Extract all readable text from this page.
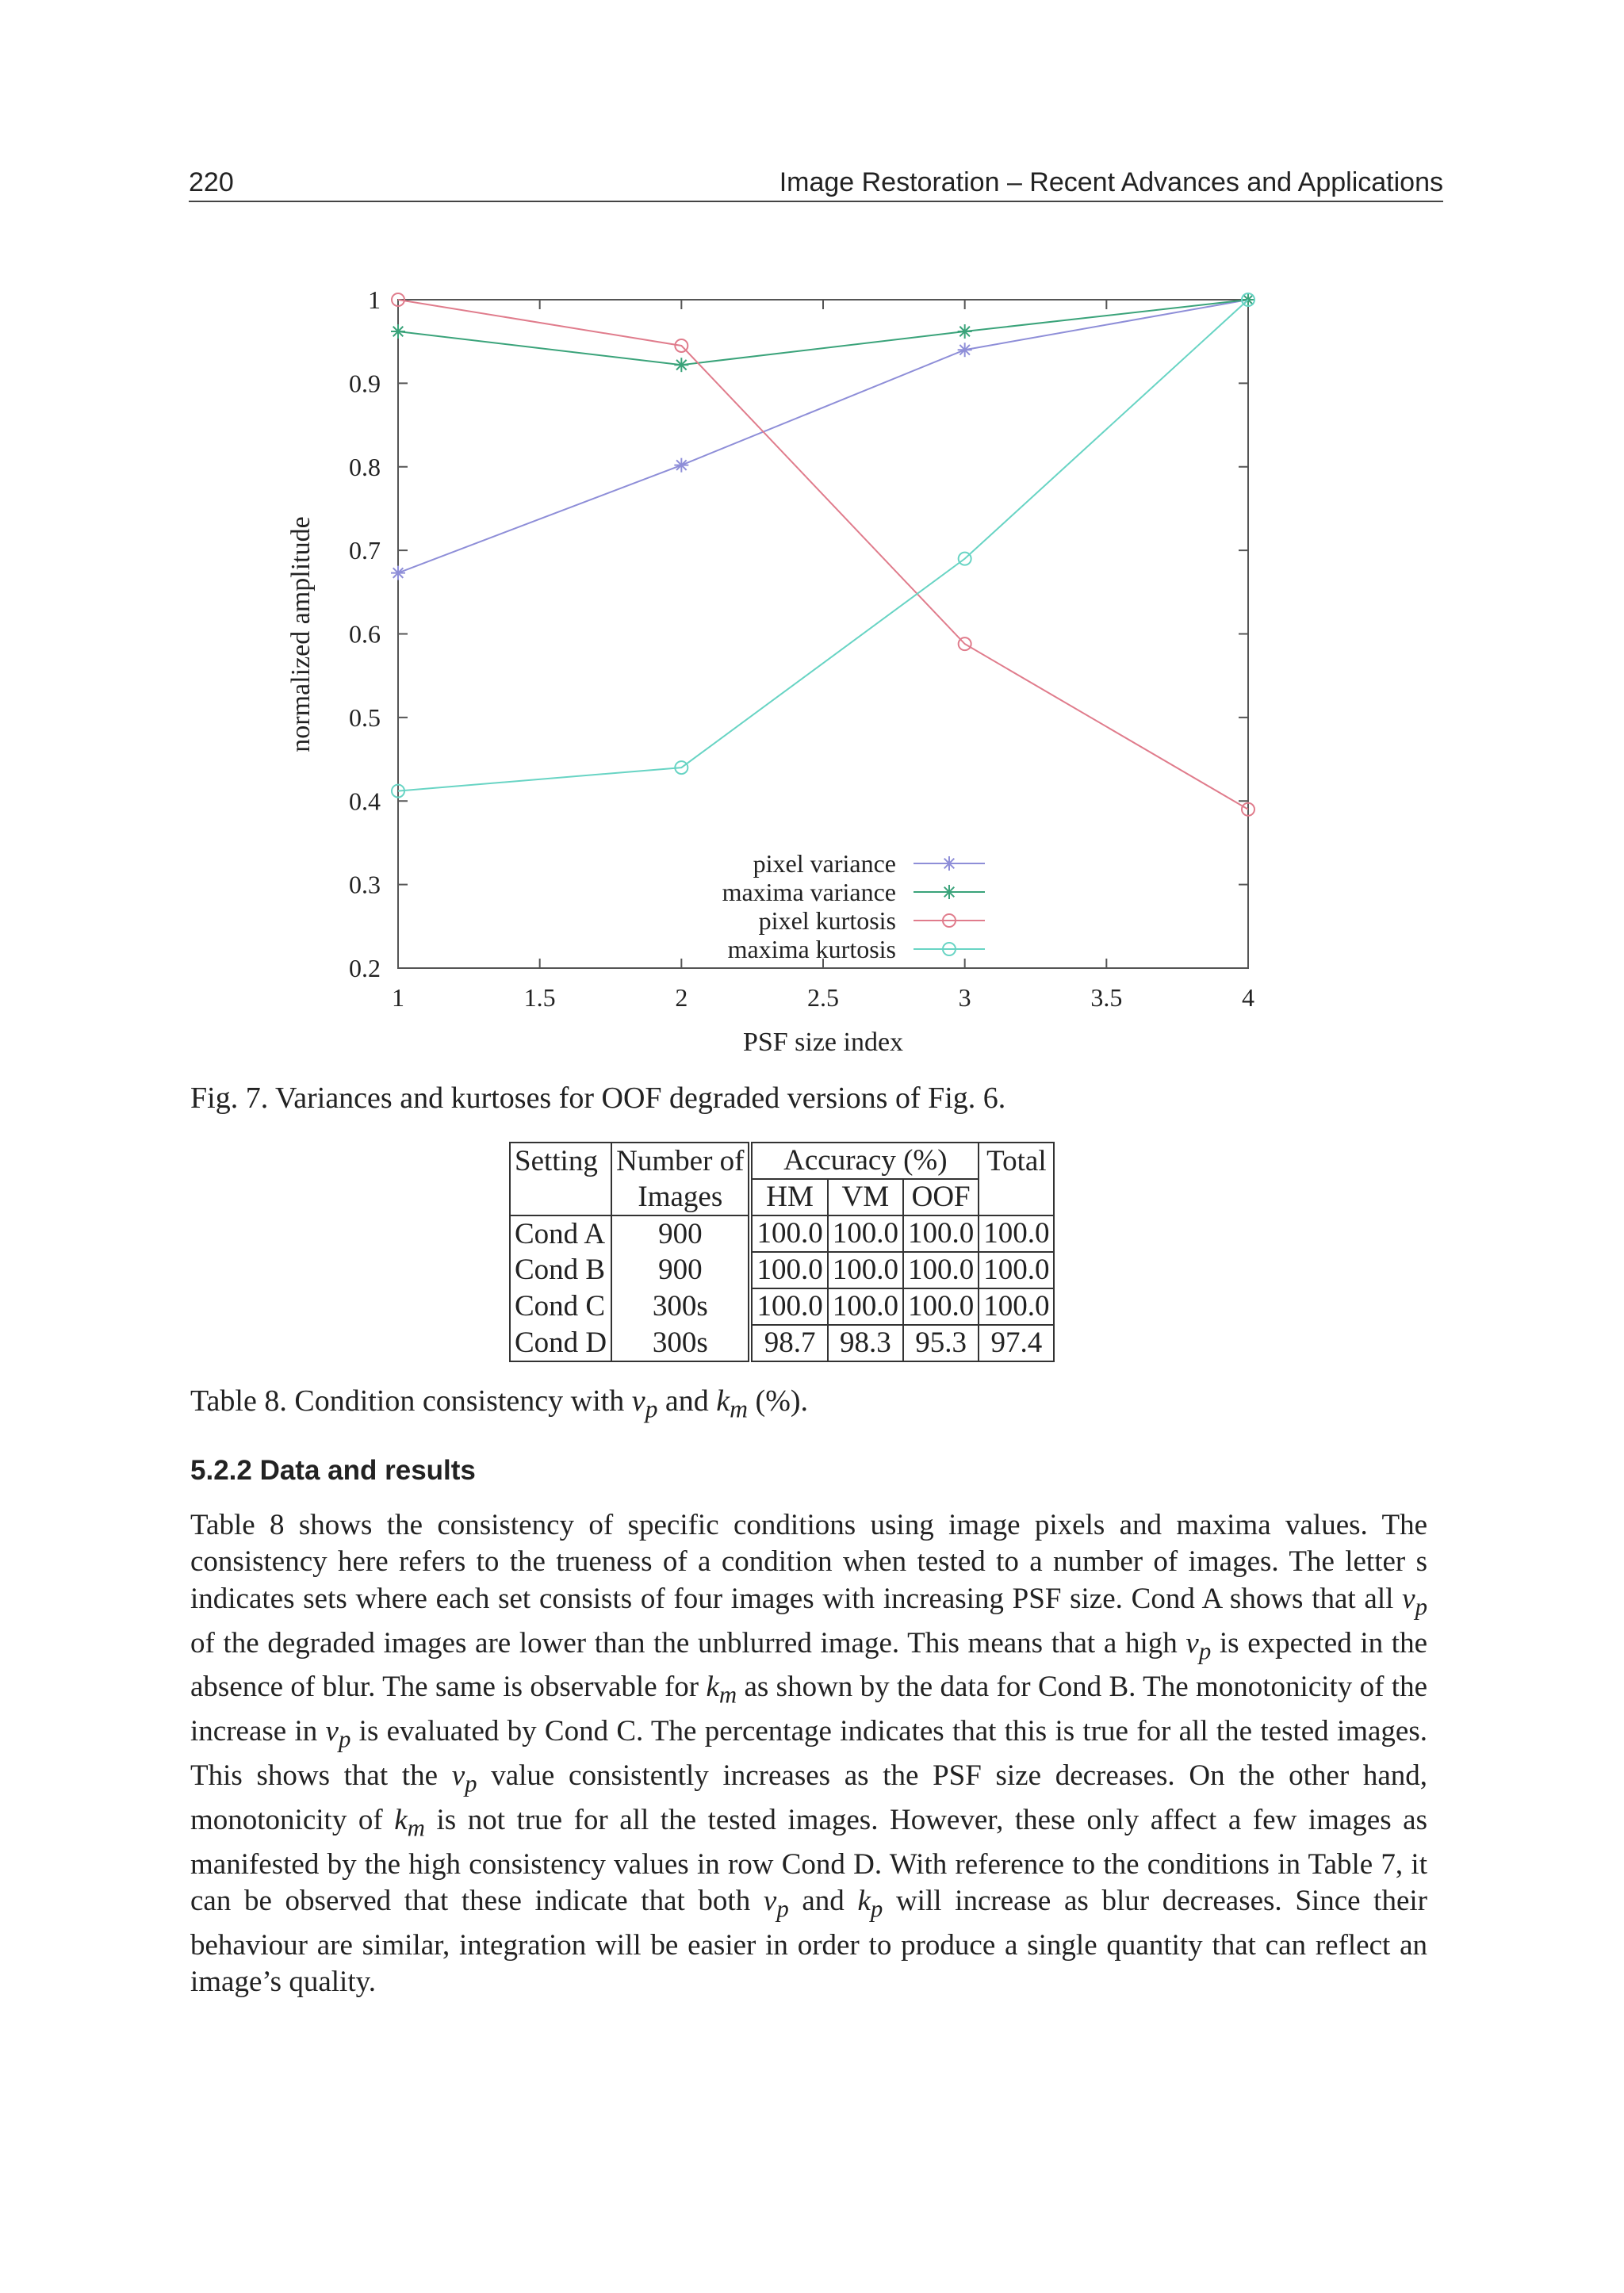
220	Image Restoration – Recent Advances and Applications
1	1.5	2	2.5	3	3.5	4
0.2
0.3
0.4
0.5
0.6
0.7
0.8
0.9
1
pixel variance
maxima variance
pixel kurtosis
maxima kurtosis
PSF size index
normalized amplitude
Fig. 7. Variances and kurtoses for OOF degraded versions of Fig. 6.
Setting	Number of	Accuracy (%)			Total
	Images	HM	VM	OOF	
Cond A	900	100.0	100.0	100.0	100.0
Cond B	900	100.0	100.0	100.0	100.0
Cond C	300s	100.0	100.0	100.0	100.0
Cond D	300s	98.7	98.3	95.3	97.4
Table 8. Condition consistency with $v_p$ and $k_m$ (%).
5.2.2 Data and results
Table 8 shows the consistency of specific conditions using image pixels and maxima values. The consistency here refers to the trueness of a condition when tested to a number of images. The letter s indicates sets where each set consists of four images with increasing PSF size. Cond A shows that all $v_p$ of the degraded images are lower than the unblurred image. This means that a high $v_p$ is expected in the absence of blur. The same is observable for $k_m$ as shown by the data for Cond B. The monotonicity of the increase in $v_p$ is evaluated by Cond C. The percentage indicates that this is true for all the tested images. This shows that the $v_p$ value consistently increases as the PSF size decreases. On the other hand, monotonicity of $k_m$ is not true for all the tested images. However, these only affect a few images as manifested by the high consistency values in row Cond D. With reference to the conditions in Table 7, it can be observed that these indicate that both $v_p$ and $k_p$ will increase as blur decreases. Since their behaviour are similar, integration will be easier in order to produce a single quantity that can reflect an image’s quality.
